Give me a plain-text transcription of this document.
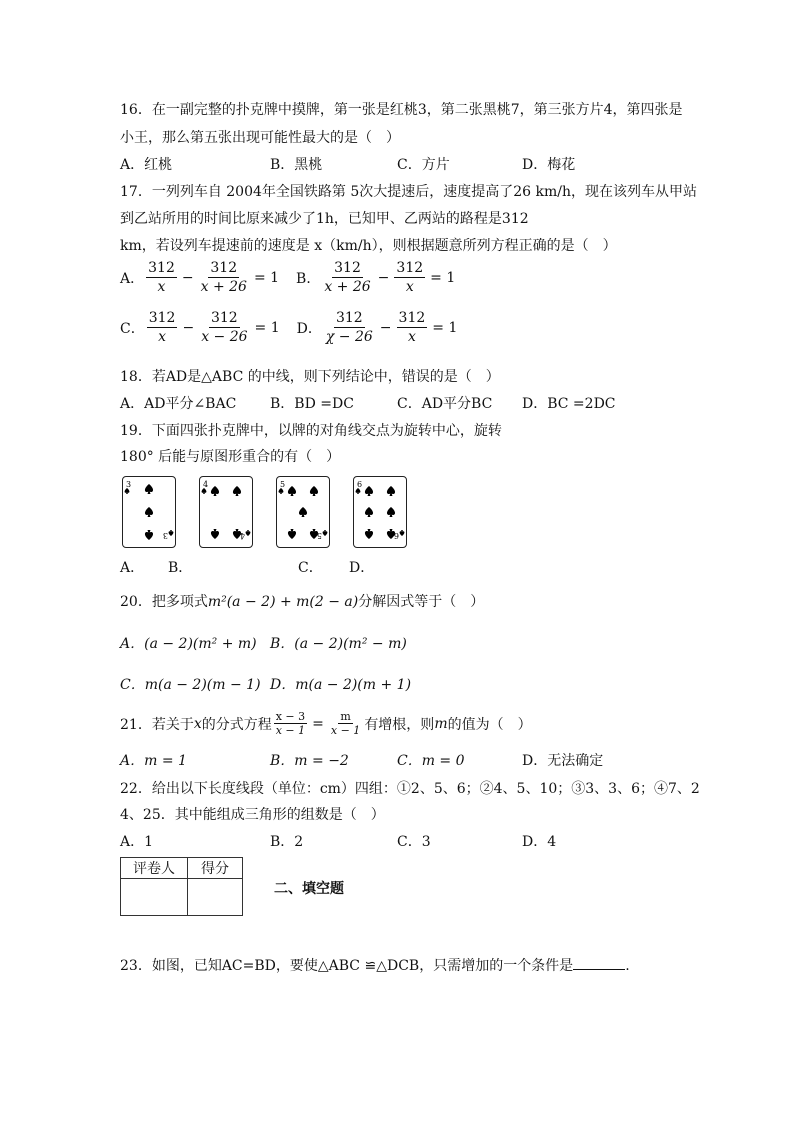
16．在一副完整的扑克牌中摸牌，第一张是红桃3，第二张黑桃7，第三张方片4，第四张是
小王，那么第五张出现可能性最大的是（　）
A．红桃	B．黑桃	C．方片	D．梅花
17．一列列车自 2004年全国铁路第 5次大提速后，速度提高了26 km/h，现在该列车从甲站
到乙站所用的时间比原来减少了1h，已知甲、乙两站的路程是312
km，若设列车提速前的速度是 x（km/h），则根据题意所列方程正确的是（　）
A． $\frac{312}{x} - \frac{312}{x + 26} = 1$ B． $\frac{312}{x + 26} - \frac{312}{x} = 1$
C． $\frac{312}{x} - \frac{312}{x - 26} = 1$ D． $\frac{312}{\chi - 26} - \frac{312}{x} = 1$
18．若AD是△ABC 的中线，则下列结论中，错误的是（　）
A．AD平分∠BAC B．BD =DC	C．AD平分BC D．BC =2DC
19．下面四张扑克牌中，以牌的对角线交点为旋转中心，旋转
180° 后能与原图形重合的有（　）
3
3
4
4
5
5
6
6
A． B．	C． D．
20．把多项式m²(a − 2) + m(2 − a)分解因式等于（　）
A．(a − 2)(m² + m) B．(a − 2)(m² − m)
C．m(a − 2)(m − 1) D．m(a − 2)(m + 1)
21．若关于 x 的分式方程 $\frac{x - 3}{x - 1} = \frac{m}{x - 1}$ 有增根，则 m 的值为（　）
A．m = 1	B．m = −2	C．m = 0	D．无法确定
22．给出以下长度线段（单位：cm）四组：①2、5、6；②4、5、10；③3、3、6；④7、2
4、25．其中能组成三角形的组数是（　）
A．1	B．2	C．3	D．4
评卷人	得分

二、填空题
23．如图，已知AC=BD，要使△ABC ≌△DCB，只需增加的一个条件是	.
